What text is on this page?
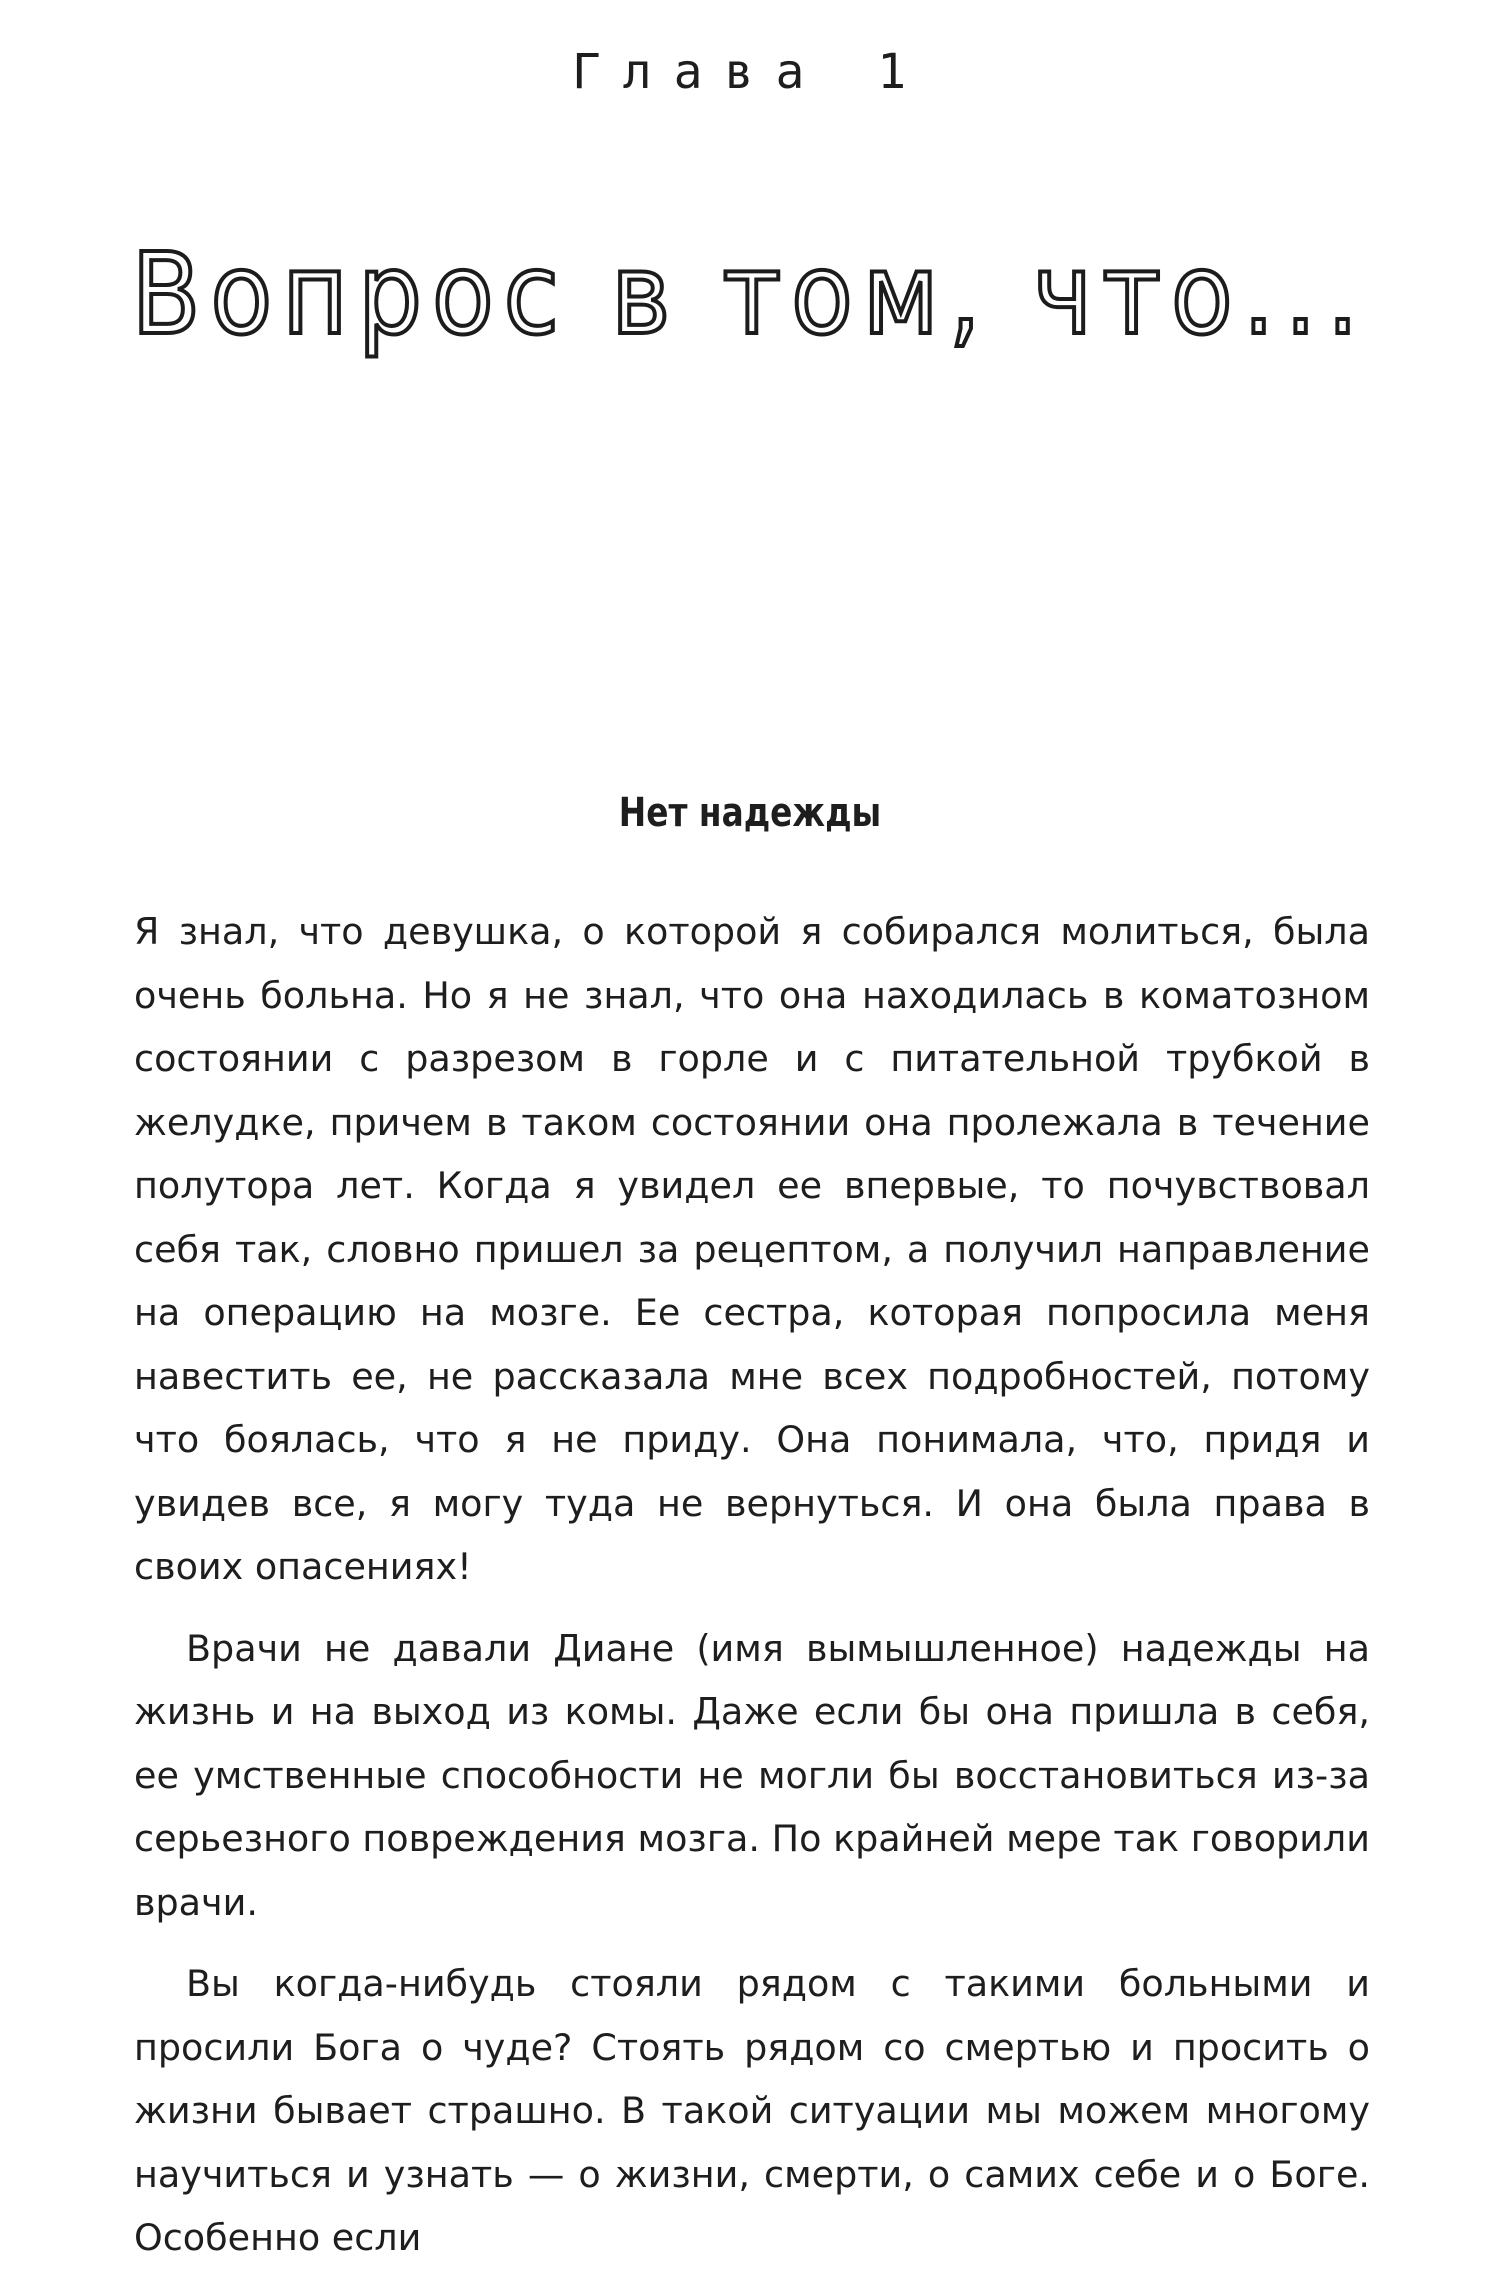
Глава 1
Вопрос в том, что...
Нет надежды

Я знал, что девушка, о которой я собирался молиться, была очень больна. Но я не знал, что она находилась в коматозном состоянии с разрезом в горле и с питательной трубкой в желудке, причем в таком состоянии она пролежала в течение полутора лет. Когда я увидел ее впервые, то почувствовал себя так, словно пришел за рецептом, а получил направление на операцию на мозге. Ее сестра, которая попросила меня навестить ее, не рассказала мне всех подробностей, потому что боялась, что я не приду. Она понимала, что, придя и увидев все, я могу туда не вернуться. И она была права в своих опасениях!

Врачи не давали Диане (имя вымышленное) надежды на жизнь и на выход из комы. Даже если бы она пришла в себя, ее умственные способности не могли бы восстановиться из-за серьезного повреждения мозга. По крайней мере так говорили врачи.

Вы когда-нибудь стояли рядом с такими больными и просили Бога о чуде? Стоять рядом со смертью и просить о жизни бывает страшно. В такой ситуации мы можем многому научиться и узнать — о жизни, смерти, о самих себе и о Боге. Особенно если
